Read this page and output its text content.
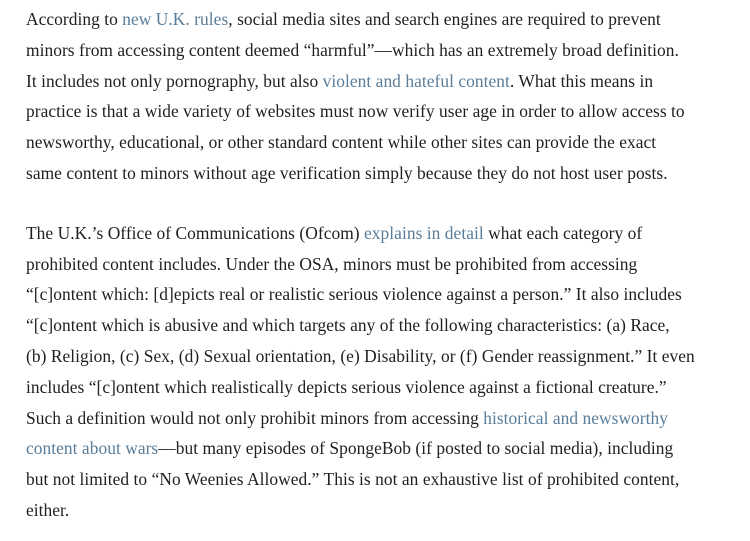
According to new U.K. rules, social media sites and search engines are required to prevent
minors from accessing content deemed “harmful”—which has an extremely broad definition.
It includes not only pornography, but also violent and hateful content. What this means in
practice is that a wide variety of websites must now verify user age in order to allow access to
newsworthy, educational, or other standard content while other sites can provide the exact
same content to minors without age verification simply because they do not host user posts.

The U.K.’s Office of Communications (Ofcom) explains in detail what each category of
prohibited content includes. Under the OSA, minors must be prohibited from accessing
“[c]ontent which: [d]epicts real or realistic serious violence against a person.” It also includes
“[c]ontent which is abusive and which targets any of the following characteristics: (a) Race,
(b) Religion, (c) Sex, (d) Sexual orientation, (e) Disability, or (f) Gender reassignment.” It even
includes “[c]ontent which realistically depicts serious violence against a fictional creature.”
Such a definition would not only prohibit minors from accessing historical and newsworthy
content about wars—but many episodes of SpongeBob (if posted to social media), including
but not limited to “No Weenies Allowed.” This is not an exhaustive list of prohibited content,
either.
